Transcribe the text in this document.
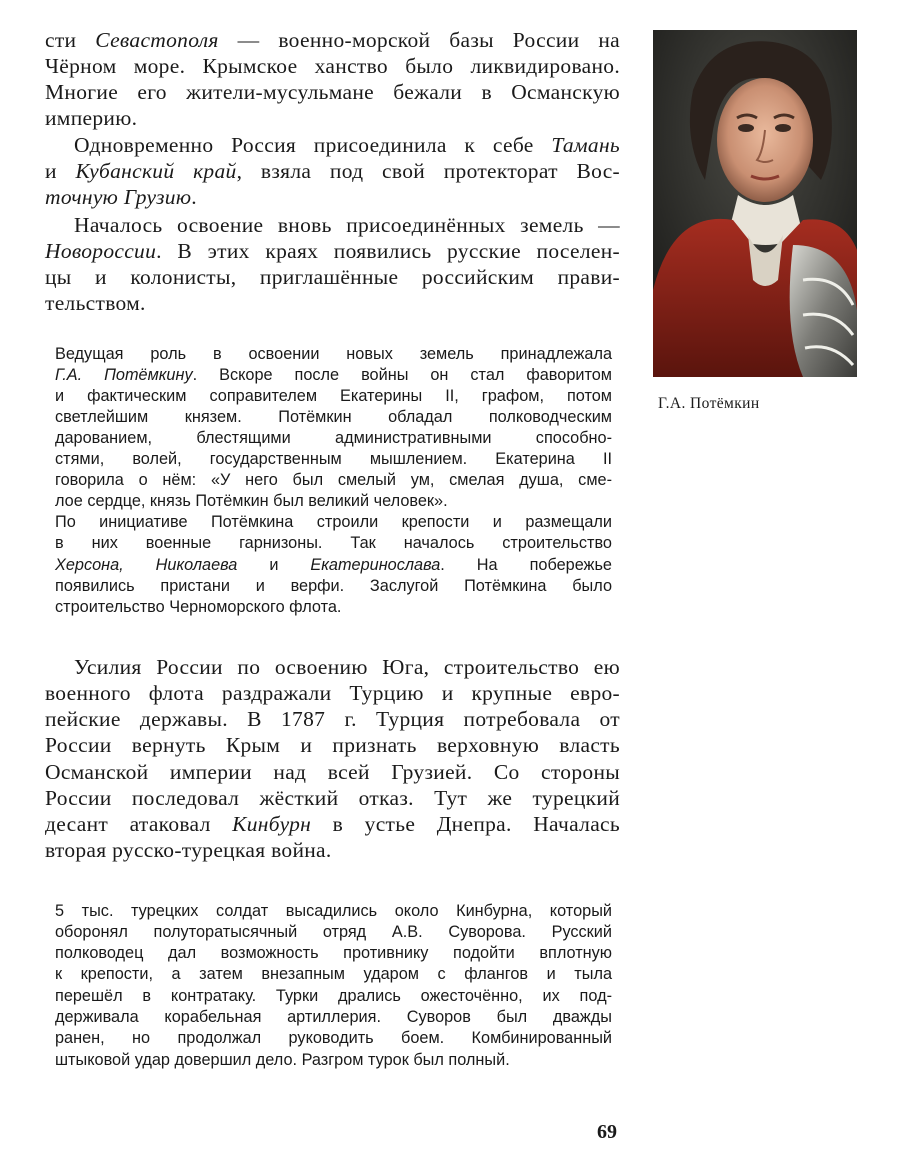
сти Севастополя — военно-морской базы России на
Чёрном море. Крымское ханство было ликвидировано.
Многие его жители-мусульмане бежали в Османскую
империю.
Одновременно Россия присоединила к себе Тамань
и Кубанский край, взяла под свой протекторат Вос-
точную Грузию.
Началось освоение вновь присоединённых земель —
Новороссии. В этих краях появились русские поселен-
цы и колонисты, приглашённые российским прави-
тельством.
Г.А. Потёмкин
Ведущая роль в освоении новых земель принадлежала
Г.А. Потёмкину. Вскоре после войны он стал фаворитом
и фактическим соправителем Екатерины II, графом, потом
светлейшим князем. Потёмкин обладал полководческим
дарованием, блестящими административными способно-
стями, волей, государственным мышлением. Екатерина II
говорила о нём: «У него был смелый ум, смелая душа, сме-
лое сердце, князь Потёмкин был великий человек».
По инициативе Потёмкина строили крепости и размещали
в них военные гарнизоны. Так началось строительство
Херсона, Николаева и Екатеринослава. На побережье
появились пристани и верфи. Заслугой Потёмкина было
строительство Черноморского флота.
Усилия России по освоению Юга, строительство ею
военного флота раздражали Турцию и крупные евро-
пейские державы. В 1787 г. Турция потребовала от
России вернуть Крым и признать верховную власть
Османской империи над всей Грузией. Со стороны
России последовал жёсткий отказ. Тут же турецкий
десант атаковал Кинбурн в устье Днепра. Началась
вторая русско-турецкая война.
5 тыс. турецких солдат высадились около Кинбурна, который
оборонял полуторатысячный отряд А.В. Суворова. Русский
полководец дал возможность противнику подойти вплотную
к крепости, а затем внезапным ударом с флангов и тыла
перешёл в контратаку. Турки дрались ожесточённо, их под-
держивала корабельная артиллерия. Суворов был дважды
ранен, но продолжал руководить боем. Комбинированный
штыковой удар довершил дело. Разгром турок был полный.
69
